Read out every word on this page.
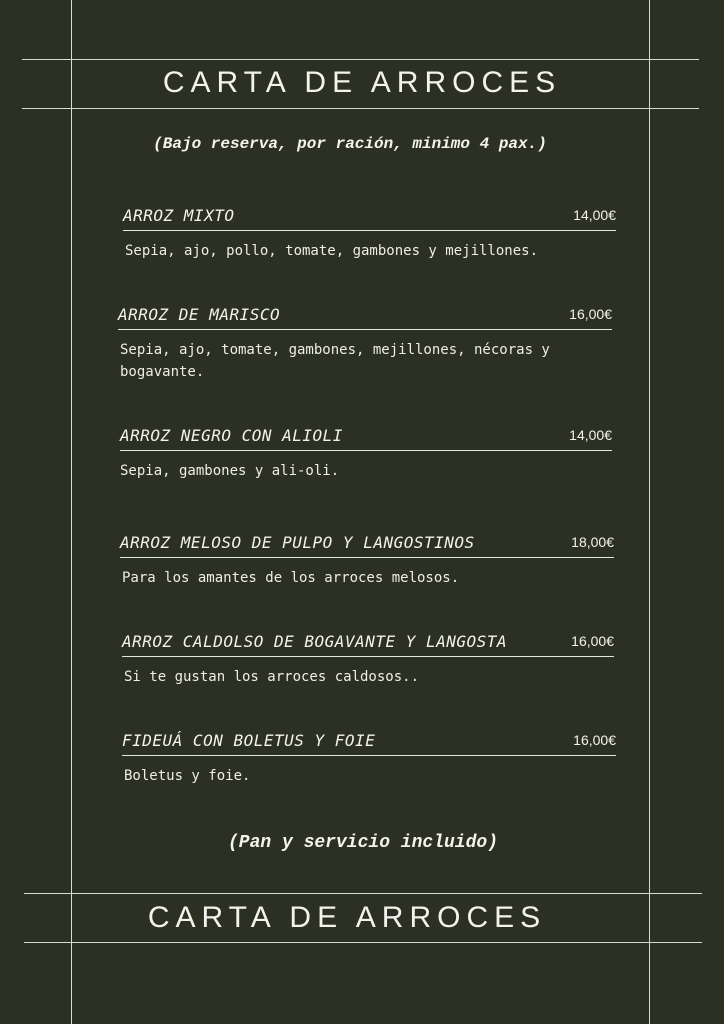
CARTA DE ARROCES
(Bajo reserva, por ración, minimo 4 pax.)
ARROZ MIXTO	14,00€
Sepia, ajo, pollo, tomate, gambones y mejillones.
ARROZ DE MARISCO	16,00€
Sepia, ajo, tomate, gambones, mejillones, nécoras y bogavante.
ARROZ NEGRO CON ALIOLI	14,00€
Sepia, gambones y ali-oli.
ARROZ MELOSO DE PULPO Y LANGOSTINOS	18,00€
Para los amantes de los arroces melosos.
ARROZ CALDOLSO DE BOGAVANTE Y LANGOSTA	16,00€
Si te gustan los arroces caldosos..
FIDEUÁ CON BOLETUS Y FOIE	16,00€
Boletus y foie.
(Pan y servicio incluido)
CARTA DE ARROCES
